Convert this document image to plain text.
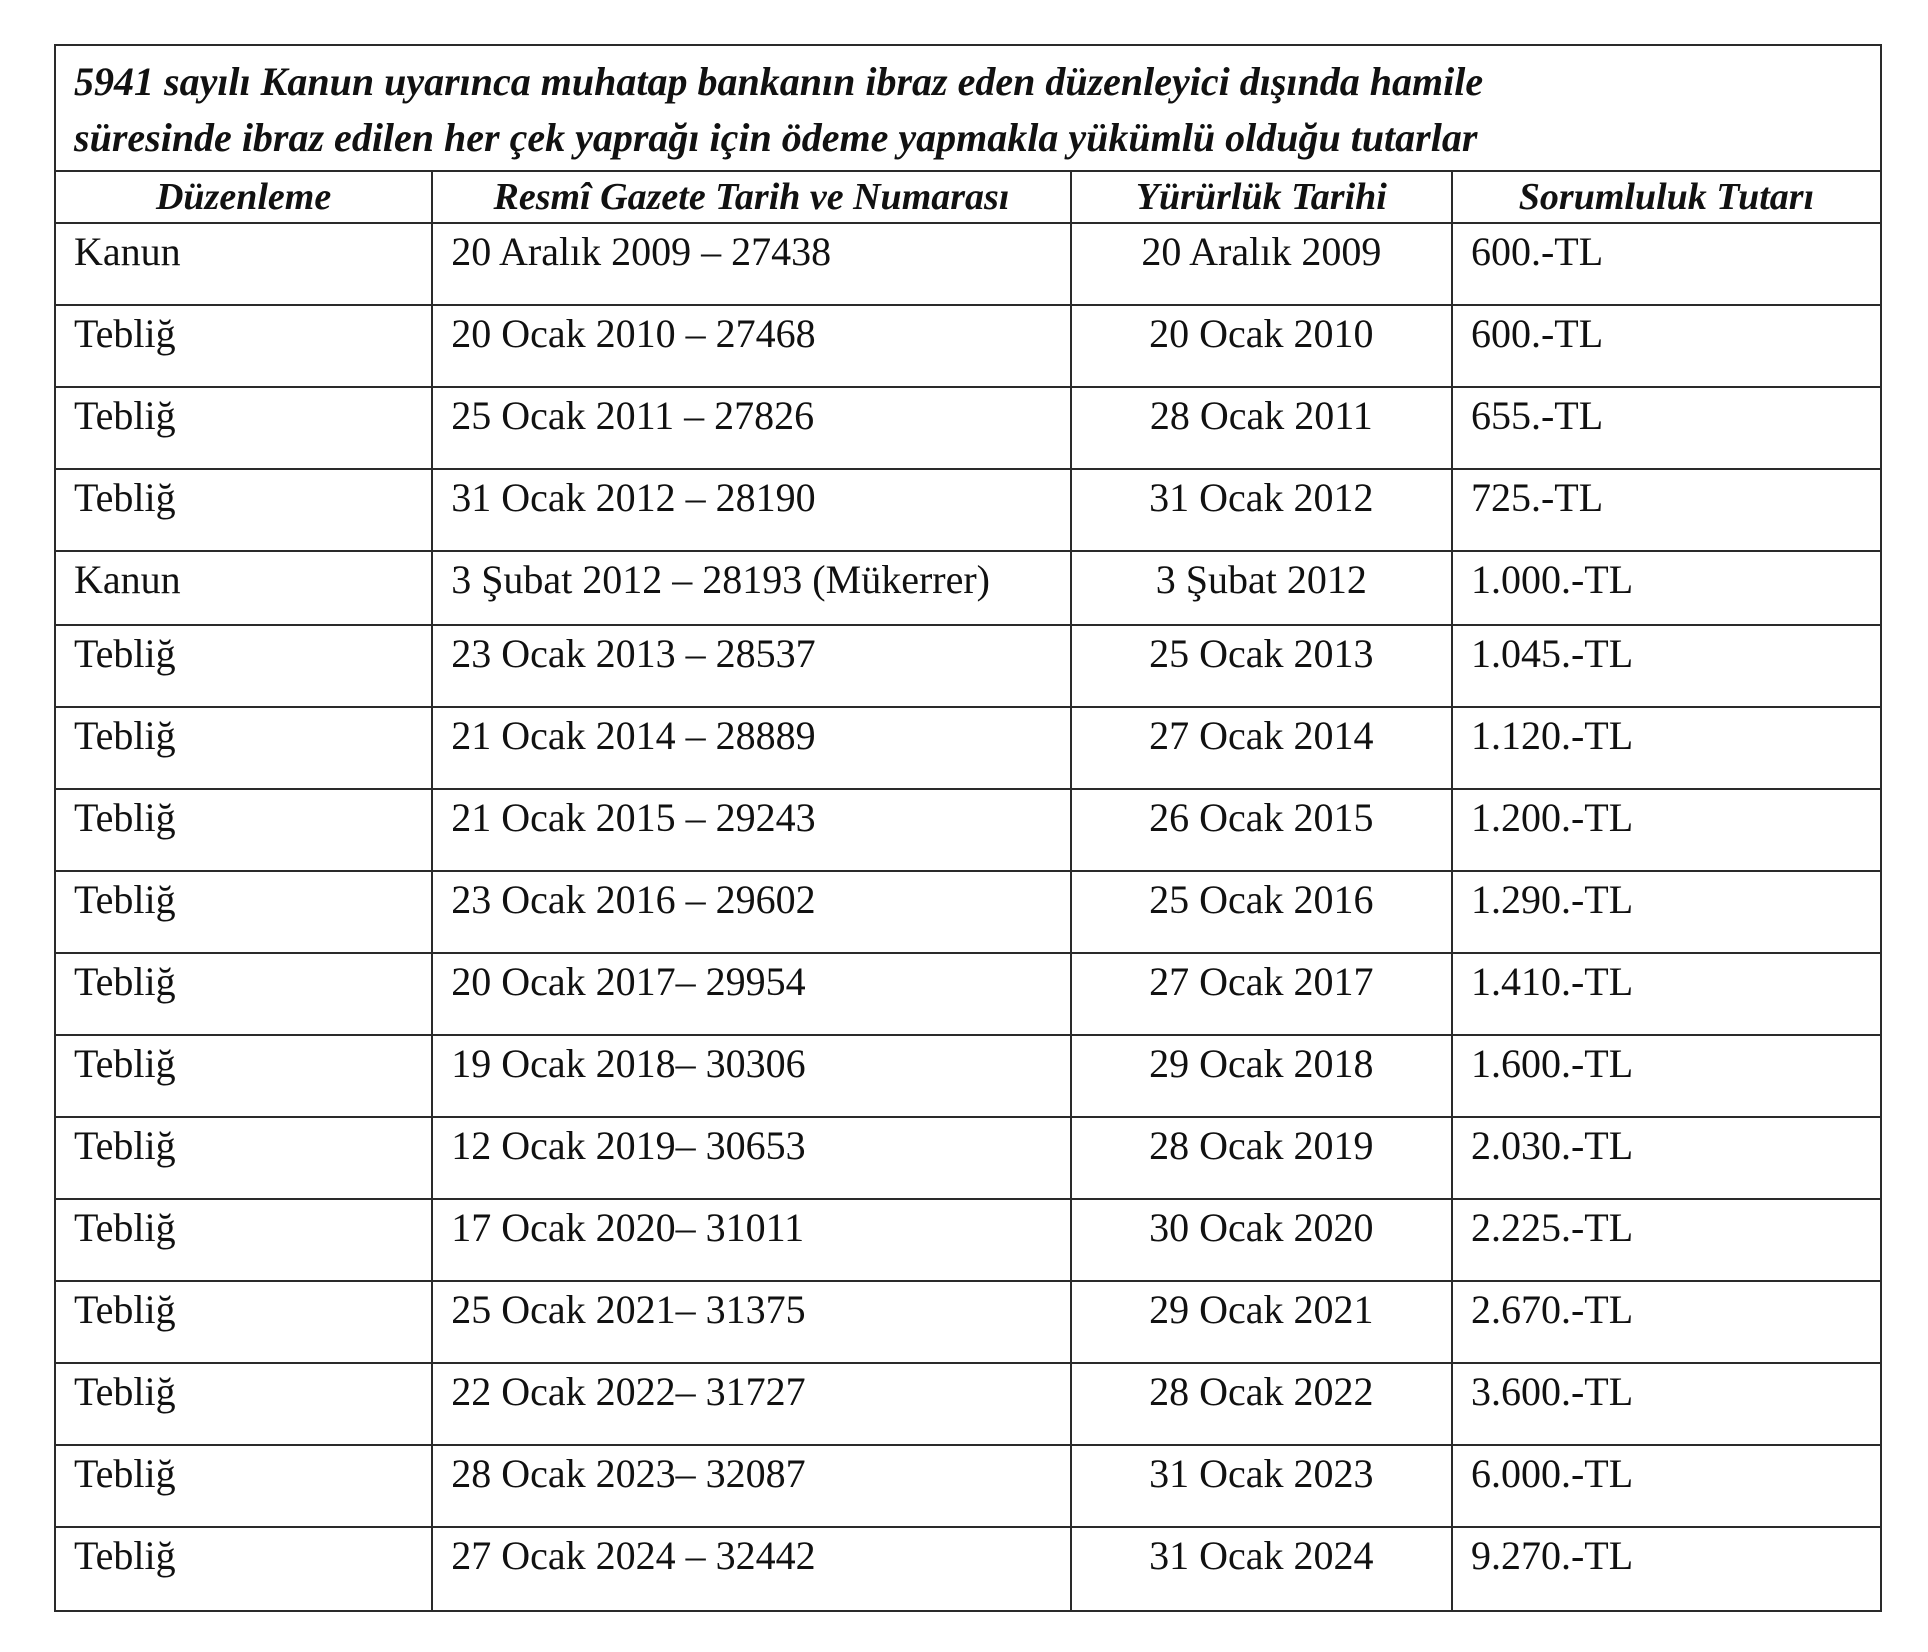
5941 sayılı Kanun uyarınca muhatap bankanın ibraz eden düzenleyici dışında hamile
süresinde ibraz edilen her çek yaprağı için ödeme yapmakla yükümlü olduğu tutarlar
Düzenleme	Resmî Gazete Tarih ve Numarası	Yürürlük Tarihi	Sorumluluk Tutarı
Kanun	20 Aralık 2009 – 27438	20 Aralık 2009	600.-TL
Tebliğ	20 Ocak 2010 – 27468	20 Ocak 2010	600.-TL
Tebliğ	25 Ocak 2011 – 27826	28 Ocak 2011	655.-TL
Tebliğ	31 Ocak 2012 – 28190	31 Ocak 2012	725.-TL
Kanun	3 Şubat 2012 – 28193 (Mükerrer)	3 Şubat 2012	1.000.-TL
Tebliğ	23 Ocak 2013 – 28537	25 Ocak 2013	1.045.-TL
Tebliğ	21 Ocak 2014 – 28889	27 Ocak 2014	1.120.-TL
Tebliğ	21 Ocak 2015 – 29243	26 Ocak 2015	1.200.-TL
Tebliğ	23 Ocak 2016 – 29602	25 Ocak 2016	1.290.-TL
Tebliğ	20 Ocak 2017– 29954	27 Ocak 2017	1.410.-TL
Tebliğ	19 Ocak 2018– 30306	29 Ocak 2018	1.600.-TL
Tebliğ	12 Ocak 2019– 30653	28 Ocak 2019	2.030.-TL
Tebliğ	17 Ocak 2020– 31011	30 Ocak 2020	2.225.-TL
Tebliğ	25 Ocak 2021– 31375	29 Ocak 2021	2.670.-TL
Tebliğ	22 Ocak 2022– 31727	28 Ocak 2022	3.600.-TL
Tebliğ	28 Ocak 2023– 32087	31 Ocak 2023	6.000.-TL
Tebliğ	27 Ocak 2024 – 32442	31 Ocak 2024	9.270.-TL
